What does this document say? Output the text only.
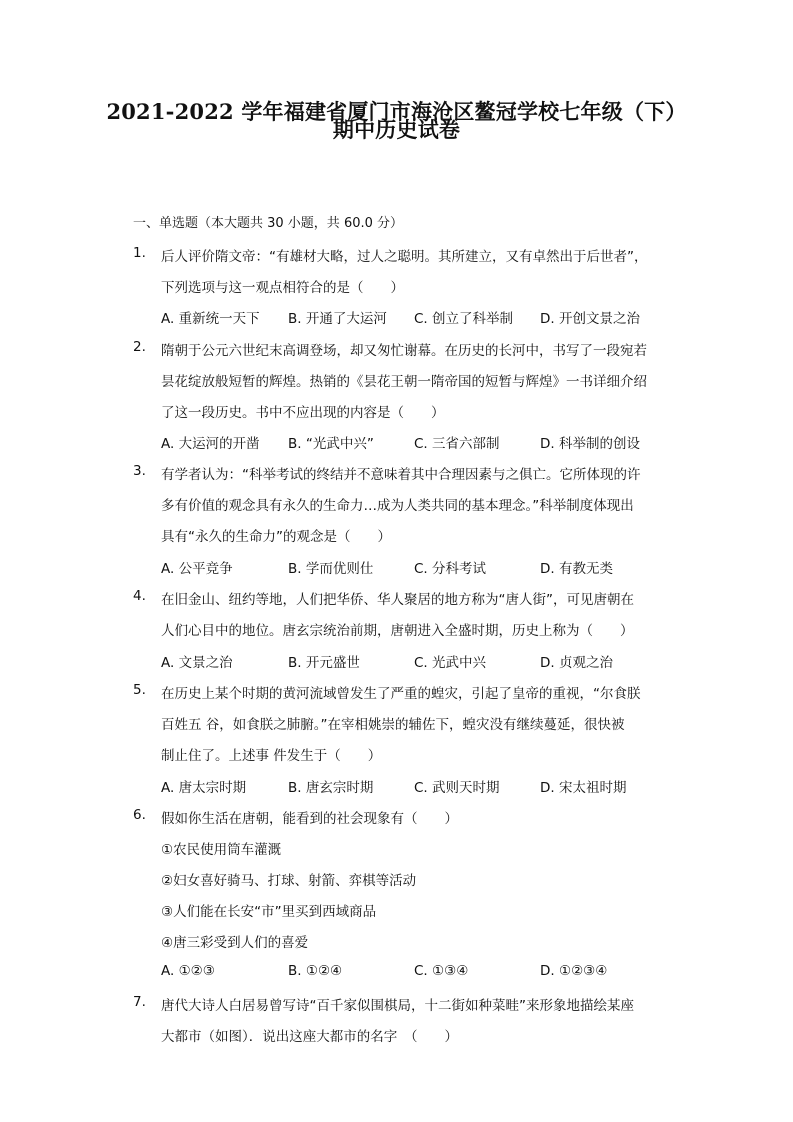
2021-2022 学年福建省厦门市海沧区鳌冠学校七年级（下）
期中历史试卷
一、单选题（本大题共 30 小题，共 60.0 分）
1. 后人评价隋文帝：“有雄材大略，过人之聪明。其所建立，又有卓然出于后世者”，
下列选项与这一观点相符合的是（　　）
A. 重新统一天下 B. 开通了大运河 C. 创立了科举制 D. 开创文景之治
2. 隋朝于公元六世纪末高调登场，却又匆忙谢幕。在历史的长河中，书写了一段宛若
昙花绽放般短暂的辉煌。热销的《昙花王朝一隋帝国的短暂与辉煌》一书详细介绍
了这一段历史。书中不应出现的内容是（　　）
A. 大运河的开凿 B. “光武中兴”	C. 三省六部制	D. 科举制的创设
3. 有学者认为：“科举考试的终结并不意味着其中合理因素与之俱亡。它所体现的许
多有价值的观念具有永久的生命力…成为人类共同的基本理念。”科举制度体现出
具有“永久的生命力”的观念是（　　）
A. 公平竞争	B. 学而优则仕	C. 分科考试	D. 有教无类
4. 在旧金山、纽约等地，人们把华侨、华人聚居的地方称为“唐人街”，可见唐朝在
人们心目中的地位。唐玄宗统治前期，唐朝进入全盛时期，历史上称为（　　）
A. 文景之治	B. 开元盛世	C. 光武中兴	D. 贞观之治
5. 在历史上某个时期的黄河流域曾发生了严重的蝗灾，引起了皇帝的重视，“尔食朕
百姓五 谷，如食朕之肺腑。”在宰相姚崇的辅佐下，蝗灾没有继续蔓延，很快被
制止住了。上述事 件发生于（　　）
A. 唐太宗时期	B. 唐玄宗时期	C. 武则天时期	D. 宋太祖时期
6. 假如你生活在唐朝，能看到的社会现象有（　　）
①农民使用筒车灌溉
②妇女喜好骑马、打球、射箭、弈棋等活动
③人们能在长安“市”里买到西域商品
④唐三彩受到人们的喜爱
A. ①②③	B. ①②④	C. ①③④	D. ①②③④
7. 唐代大诗人白居易曾写诗“百千家似围棋局，十二街如种菜畦”来形象地描绘某座
大都市（如图）．说出这座大都市的名字　（　　）
